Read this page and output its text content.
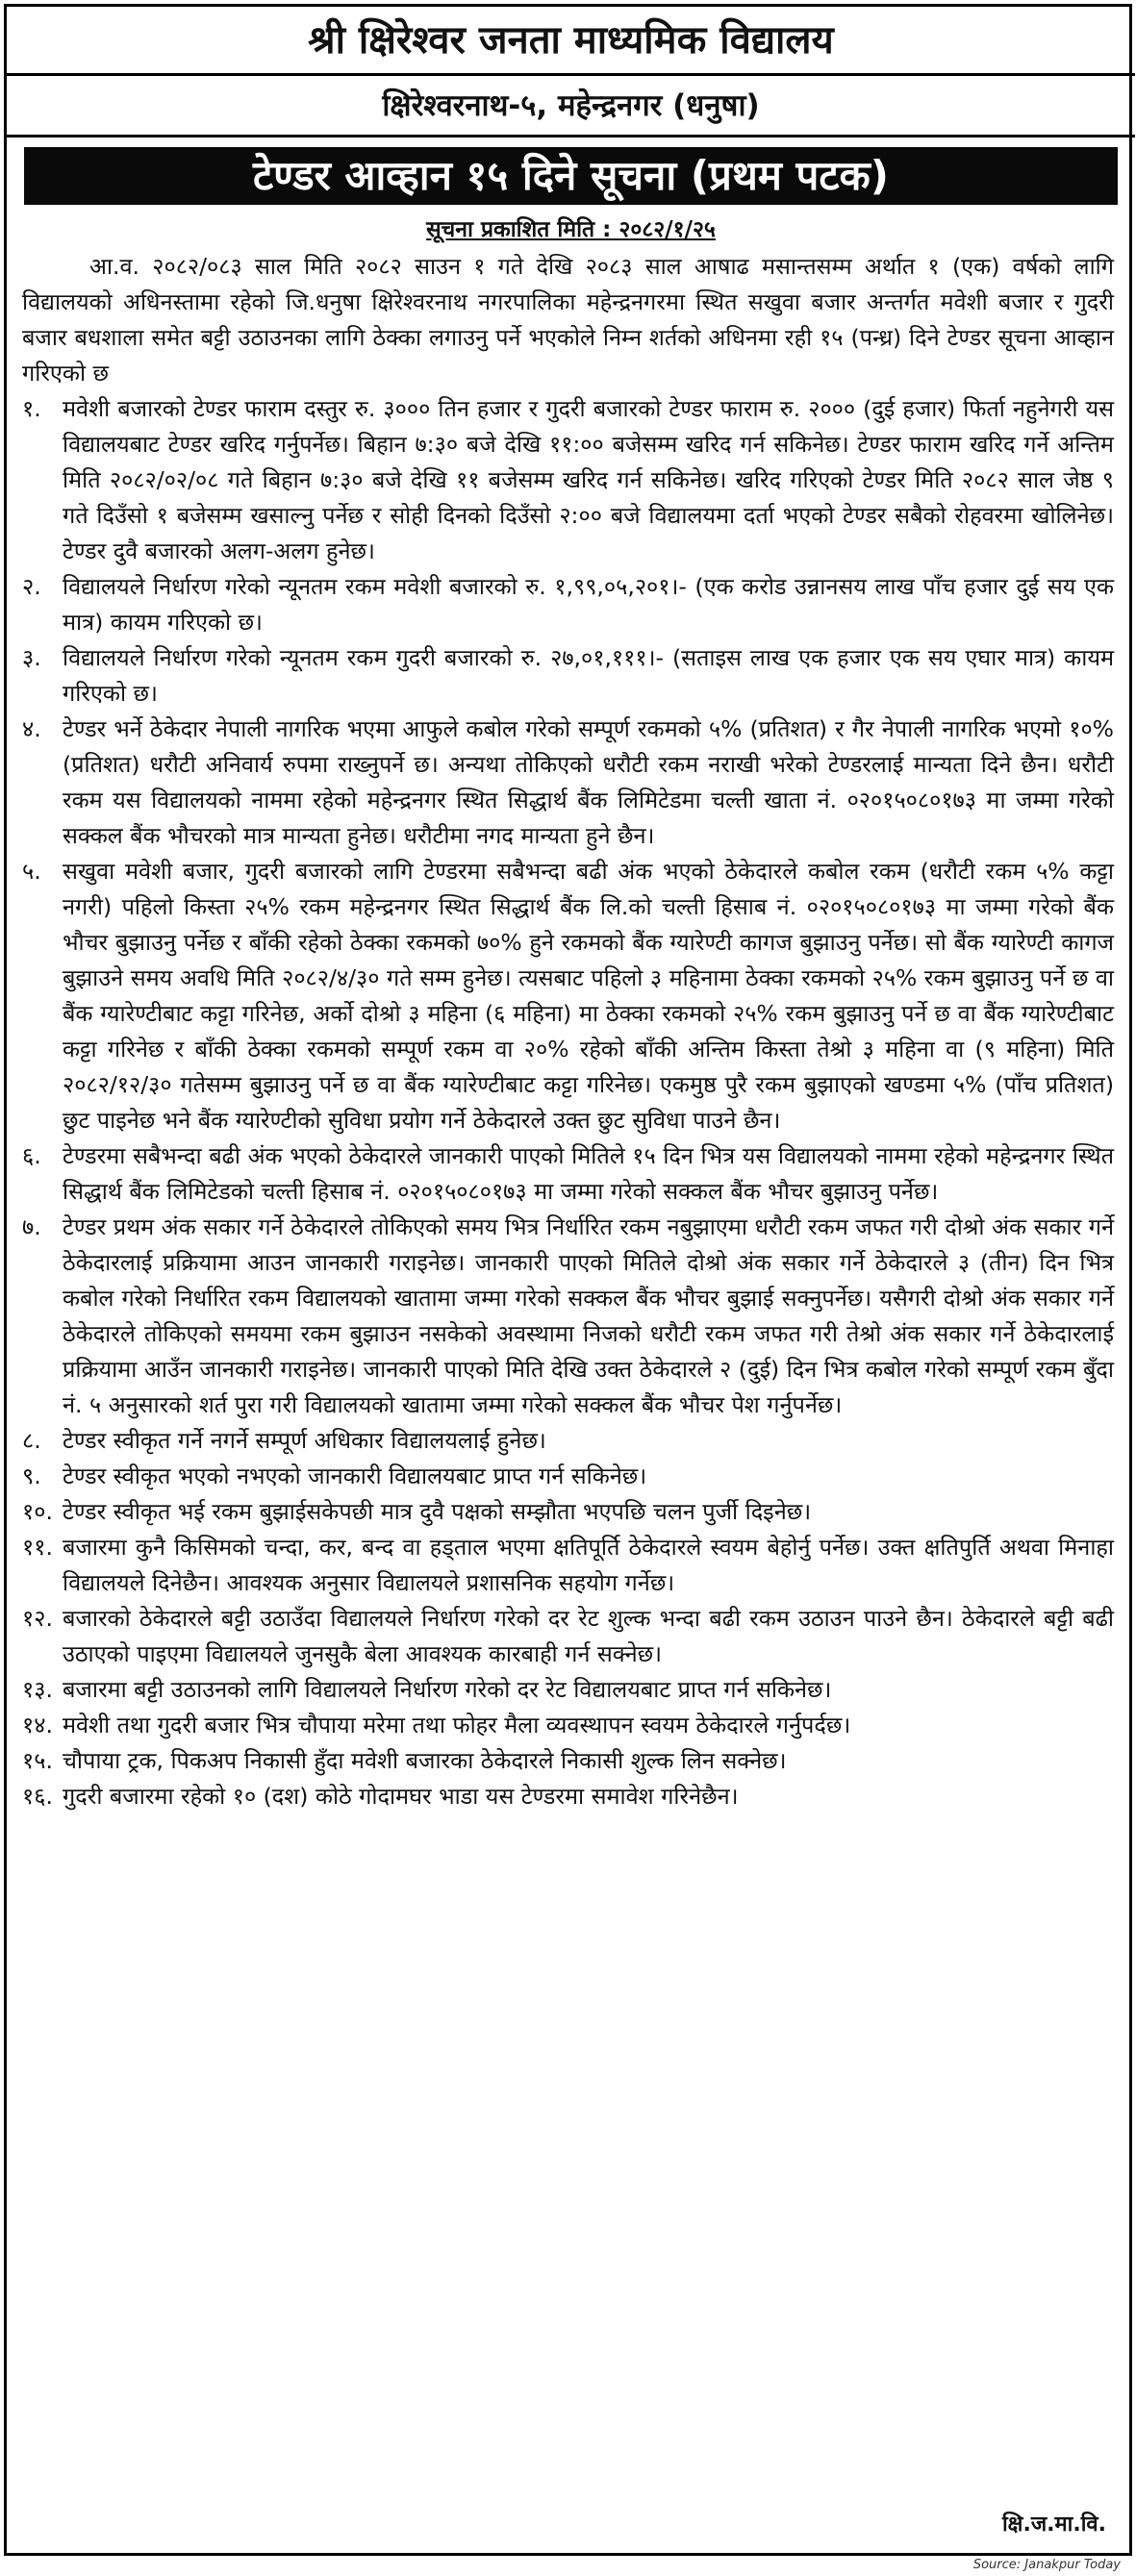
श्री क्षिरेश्वर जनता माध्यमिक विद्यालय
क्षिरेश्वरनाथ-५, महेन्द्रनगर (धनुषा)
टेण्डर आव्हान १५ दिने सूचना (प्रथम पटक)
सूचना प्रकाशित मिति : २०८२/१/२५

आ.व. २०८२/०८३ साल मिति २०८२ साउन १ गते देखि २०८३ साल आषाढ मसान्तसम्म अर्थात १ (एक) वर्षको लागि विद्यालयको अधिनस्तामा रहेको जि.धनुषा क्षिरेश्वरनाथ नगरपालिका महेन्द्रनगरमा स्थित सखुवा बजार अन्तर्गत मवेशी बजार र गुदरी बजार बधशाला समेत बट्टी उठाउनका लागि ठेक्का लगाउनु पर्ने भएकोले निम्न शर्तको अधिनमा रही १५ (पन्ध्र) दिने टेण्डर सूचना आव्हान गरिएको छ

१. मवेशी बजारको टेण्डर फाराम दस्तुर रु. ३००० तिन हजार र गुदरी बजारको टेण्डर फाराम रु. २००० (दुई हजार) फिर्ता नहुनेगरी यस विद्यालयबाट टेण्डर खरिद गर्नुपर्नेछ। बिहान ७:३० बजे देखि ११:०० बजेसम्म खरिद गर्न सकिनेछ। टेण्डर फाराम खरिद गर्ने अन्तिम मिति २०८२/०२/०८ गते बिहान ७:३० बजे देखि ११ बजेसम्म खरिद गर्न सकिनेछ। खरिद गरिएको टेण्डर मिति २०८२ साल जेष्ठ ९ गते दिउँसो १ बजेसम्म खसाल्नु पर्नेछ र सोही दिनको दिउँसो २:०० बजे विद्यालयमा दर्ता भएको टेण्डर सबैको रोहवरमा खोलिनेछ। टेण्डर दुवै बजारको अलग-अलग हुनेछ।
२. विद्यालयले निर्धारण गरेको न्यूनतम रकम मवेशी बजारको रु. १,९९,०५,२०१।- (एक करोड उन्नानसय लाख पाँच हजार दुई सय एक मात्र) कायम गरिएको छ।
३. विद्यालयले निर्धारण गरेको न्यूनतम रकम गुदरी बजारको रु. २७,०१,१११।- (सताइस लाख एक हजार एक सय एघार मात्र) कायम गरिएको छ।
४. टेण्डर भर्ने ठेकेदार नेपाली नागरिक भएमा आफुले कबोल गरेको सम्पूर्ण रकमको ५% (प्रतिशत) र गैर नेपाली नागरिक भएमो १०% (प्रतिशत) धरौटी अनिवार्य रुपमा राख्नुपर्ने छ। अन्यथा तोकिएको धरौटी रकम नराखी भरेको टेण्डरलाई मान्यता दिने छैन। धरौटी रकम यस विद्यालयको नाममा रहेको महेन्द्रनगर स्थित सिद्धार्थ बैंक लिमिटेडमा चल्ती खाता नं. ०२०१५०८०१७३ मा जम्मा गरेको सक्कल बैंक भौचरको मात्र मान्यता हुनेछ। धरौटीमा नगद मान्यता हुने छैन।
५. सखुवा मवेशी बजार, गुदरी बजारको लागि टेण्डरमा सबैभन्दा बढी अंक भएको ठेकेदारले कबोल रकम (धरौटी रकम ५% कट्टा नगरी) पहिलो किस्ता २५% रकम महेन्द्रनगर स्थित सिद्धार्थ बैंक लि.को चल्ती हिसाब नं. ०२०१५०८०१७३ मा जम्मा गरेको बैंक भौचर बुझाउनु पर्नेछ र बाँकी रहेको ठेक्का रकमको ७०% हुने रकमको बैंक ग्यारेण्टी कागज बुझाउनु पर्नेछ। सो बैंक ग्यारेण्टी कागज बुझाउने समय अवधि मिति २०८२/४/३० गते सम्म हुनेछ। त्यसबाट पहिलो ३ महिनामा ठेक्का रकमको २५% रकम बुझाउनु पर्ने छ वा बैंक ग्यारेण्टीबाट कट्टा गरिनेछ, अर्को दोश्रो ३ महिना (६ महिना) मा ठेक्का रकमको २५% रकम बुझाउनु पर्ने छ वा बैंक ग्यारेण्टीबाट कट्टा गरिनेछ र बाँकी ठेक्का रकमको सम्पूर्ण रकम वा २०% रहेको बाँकी अन्तिम किस्ता तेश्रो ३ महिना वा (९ महिना) मिति २०८२/१२/३० गतेसम्म बुझाउनु पर्ने छ वा बैंक ग्यारेण्टीबाट कट्टा गरिनेछ। एकमुष्ठ पुरै रकम बुझाएको खण्डमा ५% (पाँच प्रतिशत) छुट पाइनेछ भने बैंक ग्यारेण्टीको सुविधा प्रयोग गर्ने ठेकेदारले उक्त छुट सुविधा पाउने छैन।
६. टेण्डरमा सबैभन्दा बढी अंक भएको ठेकेदारले जानकारी पाएको मितिले १५ दिन भित्र यस विद्यालयको नाममा रहेको महेन्द्रनगर स्थित सिद्धार्थ बैंक लिमिटेडको चल्ती हिसाब नं. ०२०१५०८०१७३ मा जम्मा गरेको सक्कल बैंक भौचर बुझाउनु पर्नेछ।
७. टेण्डर प्रथम अंक सकार गर्ने ठेकेदारले तोकिएको समय भित्र निर्धारित रकम नबुझाएमा धरौटी रकम जफत गरी दोश्रो अंक सकार गर्ने ठेकेदारलाई प्रक्रियामा आउन जानकारी गराइनेछ। जानकारी पाएको मितिले दोश्रो अंक सकार गर्ने ठेकेदारले ३ (तीन) दिन भित्र कबोल गरेको निर्धारित रकम विद्यालयको खातामा जम्मा गरेको सक्कल बैंक भौचर बुझाई सक्नुपर्नेछ। यसैगरी दोश्रो अंक सकार गर्ने ठेकेदारले तोकिएको समयमा रकम बुझाउन नसकेको अवस्थामा निजको धरौटी रकम जफत गरी तेश्रो अंक सकार गर्ने ठेकेदारलाई प्रक्रियामा आउँन जानकारी गराइनेछ। जानकारी पाएको मिति देखि उक्त ठेकेदारले २ (दुई) दिन भित्र कबोल गरेको सम्पूर्ण रकम बुँदा नं. ५ अनुसारको शर्त पुरा गरी विद्यालयको खातामा जम्मा गरेको सक्कल बैंक भौचर पेश गर्नुपर्नेछ।
८. टेण्डर स्वीकृत गर्ने नगर्ने सम्पूर्ण अधिकार विद्यालयलाई हुनेछ।
९. टेण्डर स्वीकृत भएको नभएको जानकारी विद्यालयबाट प्राप्त गर्न सकिनेछ।
१०. टेण्डर स्वीकृत भई रकम बुझाईसकेपछी मात्र दुवै पक्षको सम्झौता भएपछि चलन पुर्जी दिइनेछ।
११. बजारमा कुनै किसिमको चन्दा, कर, बन्द वा हड्ताल भएमा क्षतिपूर्ति ठेकेदारले स्वयम बेहोर्नु पर्नेछ। उक्त क्षतिपुर्ति अथवा मिनाहा विद्यालयले दिनेछैन। आवश्यक अनुसार विद्यालयले प्रशासनिक सहयोग गर्नेछ।
१२. बजारको ठेकेदारले बट्टी उठाउँदा विद्यालयले निर्धारण गरेको दर रेट शुल्क भन्दा बढी रकम उठाउन पाउने छैन। ठेकेदारले बट्टी बढी उठाएको पाइएमा विद्यालयले जुनसुकै बेला आवश्यक कारबाही गर्न सक्नेछ।
१३. बजारमा बट्टी उठाउनको लागि विद्यालयले निर्धारण गरेको दर रेट विद्यालयबाट प्राप्त गर्न सकिनेछ।
१४. मवेशी तथा गुदरी बजार भित्र चौपाया मरेमा तथा फोहर मैला व्यवस्थापन स्वयम ठेकेदारले गर्नुपर्दछ।
१५. चौपाया ट्रक, पिकअप निकासी हुँदा मवेशी बजारका ठेकेदारले निकासी शुल्क लिन सक्नेछ।
१६. गुदरी बजारमा रहेको १० (दश) कोठे गोदामघर भाडा यस टेण्डरमा समावेश गरिनेछैन।
क्षि.ज.मा.वि.
Source: Janakpur Today
